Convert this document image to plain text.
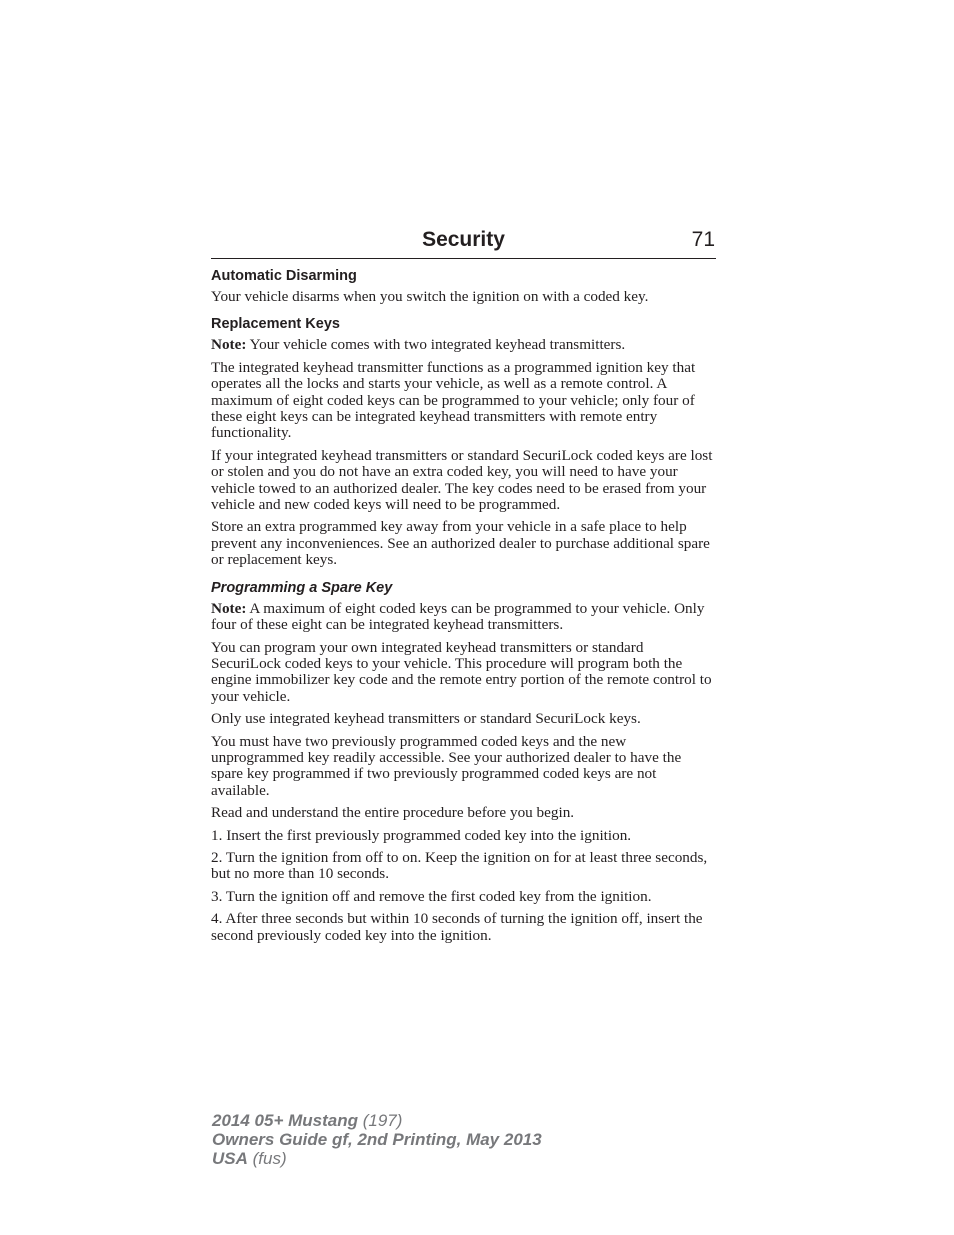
Security	71
Automatic Disarming

Your vehicle disarms when you switch the ignition on with a coded key.

Replacement Keys

Note: Your vehicle comes with two integrated keyhead transmitters.

The integrated keyhead transmitter functions as a programmed ignition key that operates all the locks and starts your vehicle, as well as a remote control. A maximum of eight coded keys can be programmed to your vehicle; only four of these eight keys can be integrated keyhead transmitters with remote entry functionality.

If your integrated keyhead transmitters or standard SecuriLock coded keys are lost or stolen and you do not have an extra coded key, you will need to have your vehicle towed to an authorized dealer. The key codes need to be erased from your vehicle and new coded keys will need to be programmed.

Store an extra programmed key away from your vehicle in a safe place to help prevent any inconveniences. See an authorized dealer to purchase additional spare or replacement keys.

Programming a Spare Key

Note: A maximum of eight coded keys can be programmed to your vehicle. Only four of these eight can be integrated keyhead transmitters.

You can program your own integrated keyhead transmitters or standard SecuriLock coded keys to your vehicle. This procedure will program both the engine immobilizer key code and the remote entry portion of the remote control to your vehicle.

Only use integrated keyhead transmitters or standard SecuriLock keys.

You must have two previously programmed coded keys and the new unprogrammed key readily accessible. See your authorized dealer to have the spare key programmed if two previously programmed coded keys are not available.

Read and understand the entire procedure before you begin.

1. Insert the first previously programmed coded key into the ignition.

2. Turn the ignition from off to on. Keep the ignition on for at least three seconds, but no more than 10 seconds.

3. Turn the ignition off and remove the first coded key from the ignition.

4. After three seconds but within 10 seconds of turning the ignition off, insert the second previously coded key into the ignition.

2014 05+ Mustang (197)
Owners Guide gf, 2nd Printing, May 2013
USA (fus)
